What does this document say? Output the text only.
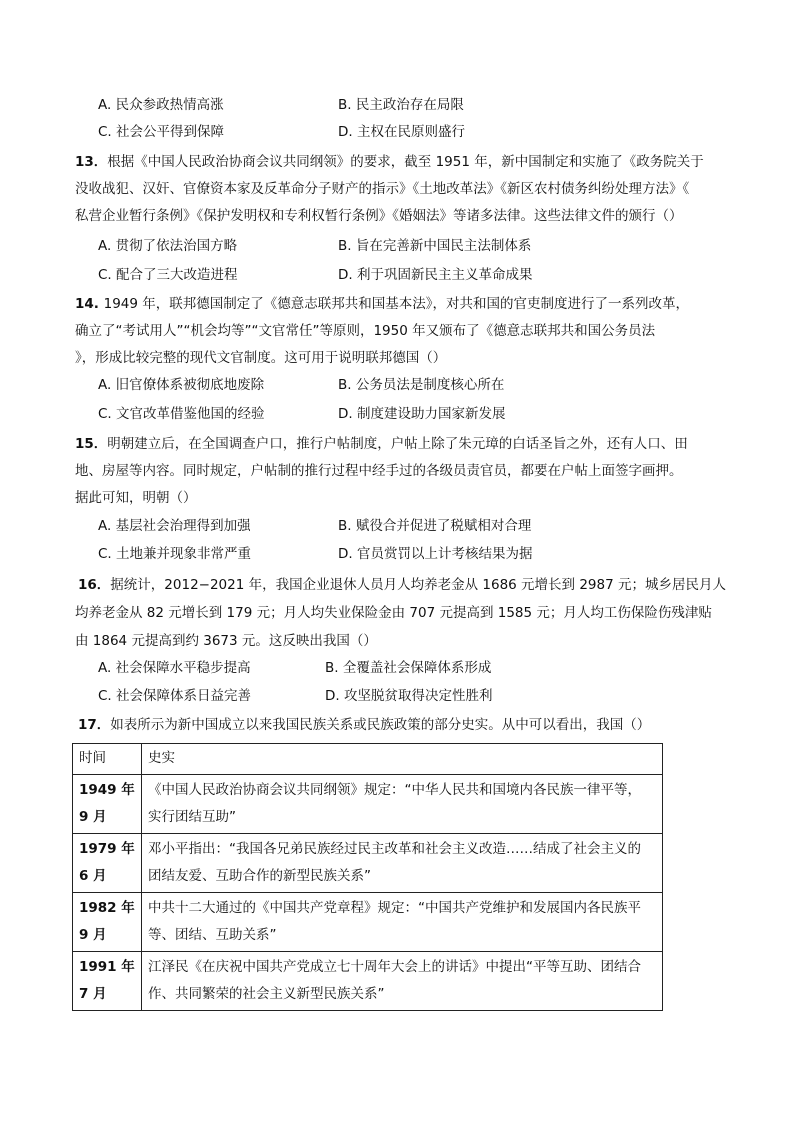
A. 民众参政热情高涨	B. 民主政治存在局限
C. 社会公平得到保障	D. 主权在民原则盛行
13．根据《中国人民政治协商会议共同纲领》的要求，截至 1951 年，新中国制定和实施了《政务院关于
没收战犯、汉奸、官僚资本家及反革命分子财产的指示》《土地改革法》《新区农村债务纠纷处理方法》《
私营企业暂行条例》《保护发明权和专利权暂行条例》《婚姻法》等诸多法律。这些法律文件的颁行（）
A. 贯彻了依法治国方略	B. 旨在完善新中国民主法制体系
C. 配合了三大改造进程	D. 利于巩固新民主主义革命成果
14. 1949 年，联邦德国制定了《德意志联邦共和国基本法》，对共和国的官吏制度进行了一系列改革，
确立了“考试用人”“机会均等”“文官常任”等原则，1950 年又颁布了《德意志联邦共和国公务员法
》，形成比较完整的现代文官制度。这可用于说明联邦德国（）
A. 旧官僚体系被彻底地废除	B. 公务员法是制度核心所在
C. 文官改革借鉴他国的经验	D. 制度建设助力国家新发展
15．明朝建立后，在全国调查户口，推行户帖制度，户帖上除了朱元璋的白话圣旨之外，还有人口、田
地、房屋等内容。同时规定，户帖制的推行过程中经手过的各级员责官员，都要在户帖上面签字画押。
据此可知，明朝（）
A. 基层社会治理得到加强	B. 赋役合并促进了税赋相对合理
C. 土地兼并现象非常严重	D. 官员赏罚以上计考核结果为据
16．据统计，2012−2021 年，我国企业退休人员月人均养老金从 1686 元增长到 2987 元；城乡居民月人
均养老金从 82 元增长到 179 元；月人均失业保险金由 707 元提高到 1585 元；月人均工伤保险伤残津贴
由 1864 元提高到约 3673 元。这反映出我国（）
A. 社会保障水平稳步提高	B. 全覆盖社会保障体系形成
C. 社会保障体系日益完善	D. 攻坚脱贫取得决定性胜利
17．如表所示为新中国成立以来我国民族关系或民族政策的部分史实。从中可以看出，我国（）
时间	史实
1949 年 9 月	《中国人民政治协商会议共同纲领》规定：“中华人民共和国境内各民族一律平等，实行团结互助”

1979 年 6 月	邓小平指出：“我国各兄弟民族经过民主改革和社会主义改造……结成了社会主义的团结友爱、互助合作的新型民族关系”

1982 年 9 月	中共十二大通过的《中国共产党章程》规定：“中国共产党维护和发展国内各民族平等、团结、互助关系”

1991 年 7 月	江泽民《在庆祝中国共产党成立七十周年大会上的讲话》中提出“平等互助、团结合作、共同繁荣的社会主义新型民族关系”
